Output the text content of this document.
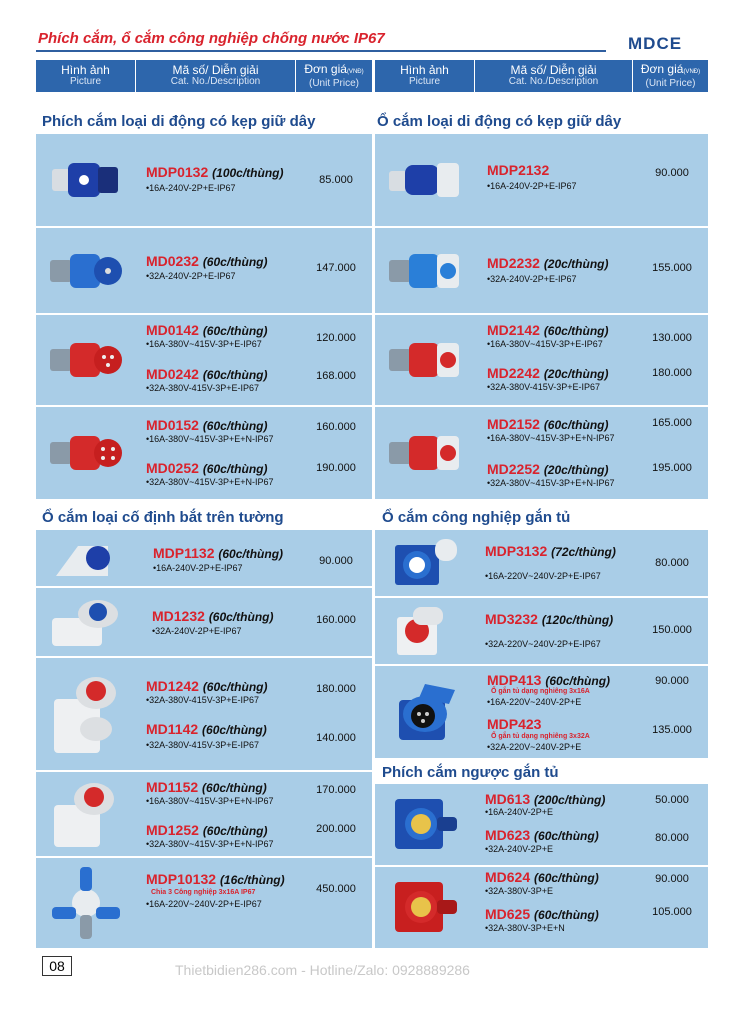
Phích cắm, ổ cắm công nghiệp chống nước IP67	MDCE
Hình ảnh
Picture
Mã số/ Diễn giải
Cat. No./Description
Đơn giá(VNĐ)
(Unit Price)
Hình ảnh
Picture
Mã số/ Diễn giải
Cat. No./Description
Đơn giá(VNĐ)
(Unit Price)
Phích cắm loại di động có kẹp giữ dây	Ổ cắm loại di động có kẹp giữ dây
Ổ cắm loại cố định bắt trên tường	Ổ cắm công nghiệp gắn tủ
Phích cắm ngược gắn tủ
MDP0132 (100c/thùng)
• 16A-240V-2P+E-IP67
85.000
MD0232 (60c/thùng)
• 32A-240V-2P+E-IP67
147.000
MD0142 (60c/thùng)
• 16A-380V~415V-3P+E-IP67	120.000
MD0242 (60c/thùng)
• 32A-380V-415V-3P+E-IP67
168.000
MD0152 (60c/thùng)
• 16A-380V~415V-3P+E+N-IP67
160.000
MD0252 (60c/thùng)
• 32A-380V~415V-3P+E+N-IP67
190.000
MDP2132
• 16A-240V-2P+E-IP67
90.000
MD2232 (20c/thùng)
• 32A-240V-2P+E-IP67
155.000
MD2142 (60c/thùng)
• 16A-380V~415V-3P+E-IP67	130.000
MD2242 (20c/thùng)
• 32A-380V-415V-3P+E-IP67
180.000
MD2152 (60c/thùng)
• 16A-380V~415V-3P+E+N-IP67
165.000
MD2252 (20c/thùng)
• 32A-380V~415V-3P+E+N-IP67
195.000
MDP1132 (60c/thùng)
• 16A-240V-2P+E-IP67
90.000
MD1232 (60c/thùng)
• 32A-240V-2P+E-IP67
160.000
MD1242 (60c/thùng)
• 32A-380V-415V-3P+E-IP67
180.000
MD1142 (60c/thùng)
• 32A-380V-415V-3P+E-IP67
140.000
MD1152 (60c/thùng)
• 16A-380V~415V-3P+E+N-IP67
170.000
MD1252 (60c/thùng)
• 32A-380V~415V-3P+E+N-IP67
200.000
MDP10132 (16c/thùng)
Chia 3 Công nghiệp 3x16A IP67
• 16A-220V~240V-2P+E-IP67
450.000
MDP3132 (72c/thùng)
• 16A-220V~240V-2P+E-IP67
80.000
MD3232 (120c/thùng)
• 32A-220V~240V-2P+E-IP67
150.000
MDP413 (60c/thùng)
Ổ gắn tủ dạng nghiêng 3x16A
• 16A-220V~240V-2P+E
90.000
MDP423
Ổ gắn tủ dạng nghiêng 3x32A
• 32A-220V~240V-2P+E
135.000
MD613 (200c/thùng)
• 16A-240V-2P+E
50.000
MD623 (60c/thùng)
• 32A-240V-2P+E
80.000
MD624 (60c/thùng)
• 32A-380V-3P+E
90.000
MD625 (60c/thùng)
• 32A-380V-3P+E+N
105.000
08	Thietbidien286.com - Hotline/Zalo: 0928889286
